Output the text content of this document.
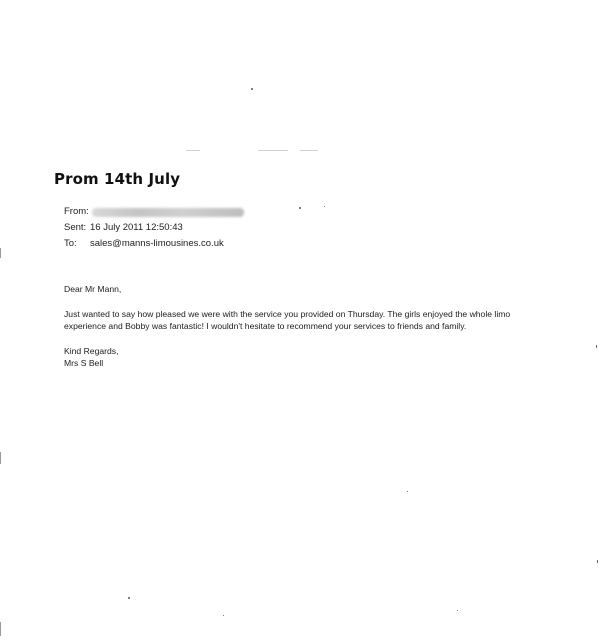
Prom 14th July
From:
Sent: 16 July 2011 12:50:43
To:	sales@manns-limousines.co.uk

Dear Mr Mann,

Just wanted to say how pleased we were with the service you provided on Thursday. The girls enjoyed the whole limo experience and Bobby was fantastic! I wouldn't hesitate to recommend your services to friends and family.

Kind Regards,

Mrs S Bell
